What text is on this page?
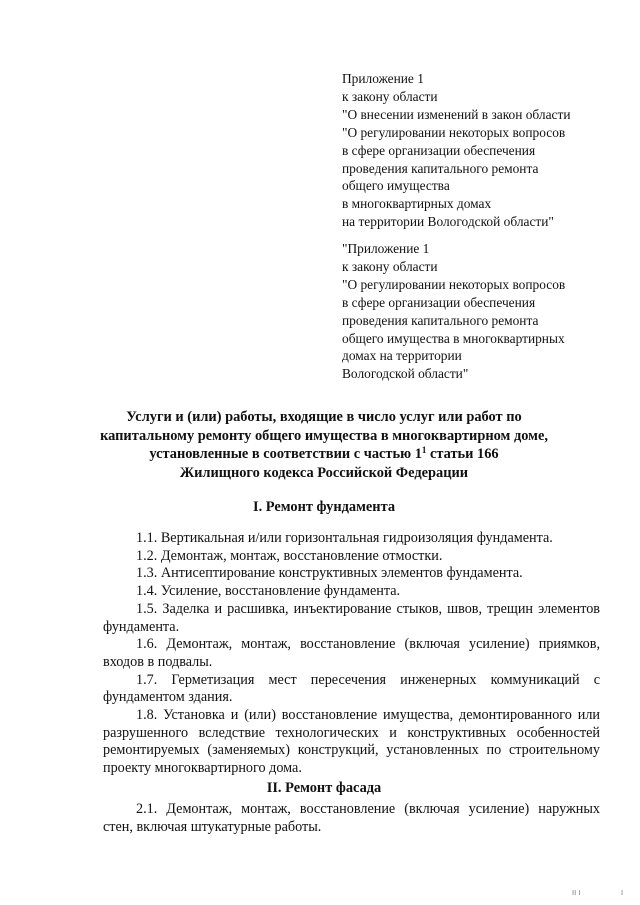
Приложение 1
к закону области
"О внесении изменений в закон области
"О регулировании некоторых вопросов
в сфере организации обеспечения
проведения капитального ремонта
общего имущества
в многоквартирных домах
на территории Вологодской области"
"Приложение 1
к закону области
"О регулировании некоторых вопросов
в сфере организации обеспечения
проведения капитального ремонта
общего имущества в многоквартирных
домах на территории
Вологодской области"
Услуги и (или) работы, входящие в число услуг или работ по
капитальному ремонту общего имущества в многоквартирном доме,
установленные в соответствии с частью $1^1$ статьи 166
Жилищного кодекса Российской Федерации
I. Ремонт фундамента
1.1. Вертикальная и/или горизонтальная гидроизоляция фундамента.
1.2. Демонтаж, монтаж, восстановление отмостки.
1.3. Антисептирование конструктивных элементов фундамента.
1.4. Усиление, восстановление фундамента.
1.5. Заделка и расшивка, инъектирование стыков, швов, трещин элементов фундамента.
1.6. Демонтаж, монтаж, восстановление (включая усиление) приямков, входов в подвалы.
1.7. Герметизация мест пересечения инженерных коммуникаций с фундаментом здания.
1.8. Установка и (или) восстановление имущества, демонтированного или разрушенного вследствие технологических и конструктивных особенностей ремонтируемых (заменяемых) конструкций, установленных по строительному проекту многоквартирного дома.
II. Ремонт фасада
2.1. Демонтаж, монтаж, восстановление (включая усиление) наружных стен, включая штукатурные работы.
II I	I
